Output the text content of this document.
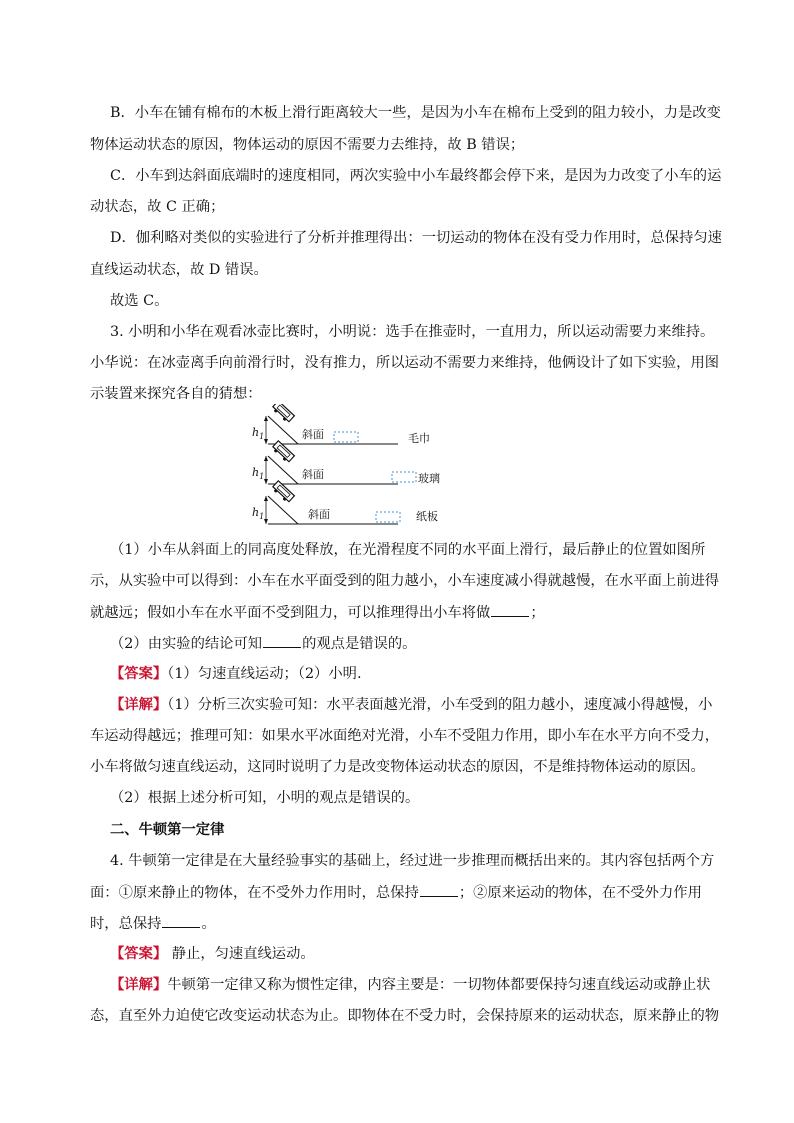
B．小车在铺有棉布的木板上滑行距离较大一些，是因为小车在棉布上受到的阻力较小，力是改变
物体运动状态的原因，物体运动的原因不需要力去维持，故 B 错误；
C．小车到达斜面底端时的速度相同，两次实验中小车最终都会停下来，是因为力改变了小车的运
动状态，故 C 正确；
D．伽利略对类似的实验进行了分析并推理得出：一切运动的物体在没有受力作用时，总保持匀速
直线运动状态，故 D 错误。
故选 C。
3. 小明和小华在观看冰壶比赛时，小明说：选手在推壶时，一直用力，所以运动需要力来维持。
小华说：在冰壶离手向前滑行时，没有推力，所以运动不需要力来维持，他俩设计了如下实验，用图
示装置来探究各自的猜想：
$h_1$	斜面	毛巾
$h_1$	斜面	玻璃
$h_1$	斜面	纸板
（1）小车从斜面上的同高度处释放，在光滑程度不同的水平面上滑行，最后静止的位置如图所
示，从实验中可以得到：小车在水平面受到的阻力越小，小车速度减小得就越慢，在水平面上前进得
就越远；假如小车在水平面不受到阻力，可以推理得出小车将做	；
（2）由实验的结论可知	的观点是错误的。
【答案】（1）匀速直线运动；（2）小明.
【详解】（1）分析三次实验可知：水平表面越光滑，小车受到的阻力越小，速度减小得越慢，小
车运动得越远；推理可知：如果水平冰面绝对光滑，小车不受阻力作用，即小车在水平方向不受力，
小车将做匀速直线运动，这同时说明了力是改变物体运动状态的原因，不是维持物体运动的原因。
（2）根据上述分析可知，小明的观点是错误的。
二、牛顿第一定律
4. 牛顿第一定律是在大量经验事实的基础上，经过进一步推理而概括出来的。其内容包括两个方
面：①原来静止的物体，在不受外力作用时，总保持	；②原来运动的物体，在不受外力作用
时，总保持	。
【答案】 静止，匀速直线运动。
【详解】牛顿第一定律又称为惯性定律，内容主要是：一切物体都要保持匀速直线运动或静止状
态，直至外力迫使它改变运动状态为止。即物体在不受力时，会保持原来的运动状态，原来静止的物
